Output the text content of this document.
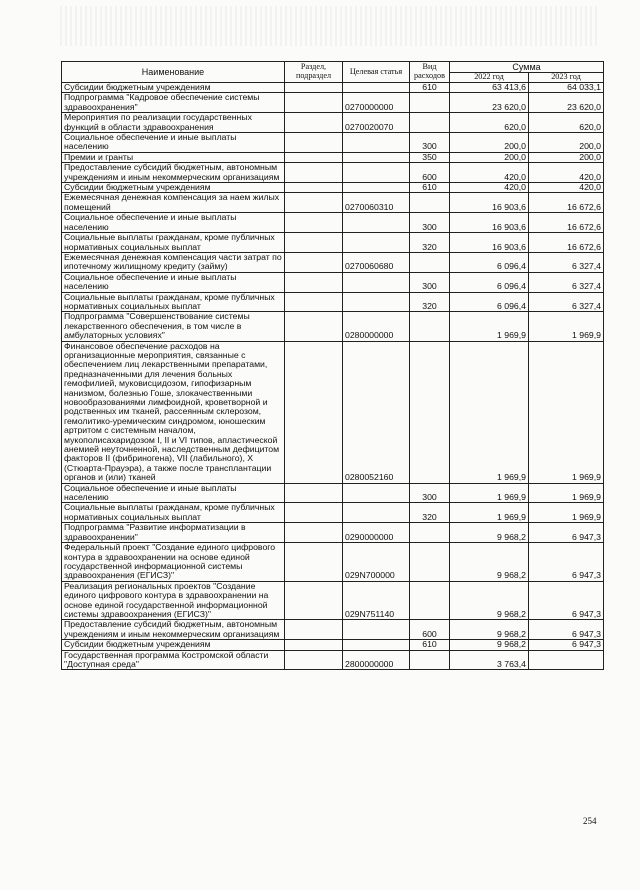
Наименование	Раздел, подраздел	Целевая статья	Вид расходов	Сумма	
				2022 год	2023 год
Субсидии бюджетным учреждениям			610	63 413,6	64 033,1
Подпрограмма "Кадровое обеспечение системы здравоохранения"		0270000000		23 620,0	23 620,0
Мероприятия по реализации государственных функций в области здравоохранения		0270020070		620,0	620,0
Социальное обеспечение и иные выплаты населению			300	200,0	200,0
Премии и гранты			350	200,0	200,0
Предоставление субсидий бюджетным, автономным учреждениям и иным некоммерческим организациям			600	420,0	420,0
Субсидии бюджетным учреждениям			610	420,0	420,0
Ежемесячная денежная компенсация за наем жилых помещений		0270060310		16 903,6	16 672,6
Социальное обеспечение и иные выплаты населению			300	16 903,6	16 672,6
Социальные выплаты гражданам, кроме публичных нормативных социальных выплат			320	16 903,6	16 672,6
Ежемесячная денежная компенсация части затрат по ипотечному жилищному кредиту (займу)		0270060680		6 096,4	6 327,4
Социальное обеспечение и иные выплаты населению			300	6 096,4	6 327,4
Социальные выплаты гражданам, кроме публичных нормативных социальных выплат			320	6 096,4	6 327,4
Подпрограмма "Совершенствование системы лекарственного обеспечения, в том числе в амбулаторных условиях"		0280000000		1 969,9	1 969,9
Финансовое обеспечение расходов на организационные мероприятия, связанные с обеспечением лиц лекарственными препаратами, предназначенными для лечения больных гемофилией, муковисцидозом, гипофизарным нанизмом, болезнью Гоше, злокачественными новообразованиями лимфоидной, кроветворной и родственных им тканей, рассеянным склерозом, гемолитико-уремическим синдромом, юношеским артритом с системным началом, мукополисахаридозом I, II и VI типов, апластической анемией неуточненной, наследственным дефицитом факторов II (фибриногена), VII (лабильного), X (Стюарта-Прауэра), а также после трансплантации органов и (или) тканей		0280052160		1 969,9	1 969,9
Социальное обеспечение и иные выплаты населению			300	1 969,9	1 969,9
Социальные выплаты гражданам, кроме публичных нормативных социальных выплат			320	1 969,9	1 969,9
Подпрограмма "Развитие информатизации в здравоохранении"		0290000000		9 968,2	6 947,3
Федеральный проект "Создание единого цифрового контура в здравоохранении на основе единой государственной информационной системы здравоохранения (ЕГИСЗ)"		029N700000		9 968,2	6 947,3
Реализация региональных проектов "Создание единого цифрового контура в здравоохранении на основе единой государственной информационной системы здравоохранения (ЕГИСЗ)"		029N751140		9 968,2	6 947,3
Предоставление субсидий бюджетным, автономным учреждениям и иным некоммерческим организациям			600	9 968,2	6 947,3
Субсидии бюджетным учреждениям			610	9 968,2	6 947,3
Государственная программа Костромской области "Доступная среда"		2800000000		3 763,4	
254
